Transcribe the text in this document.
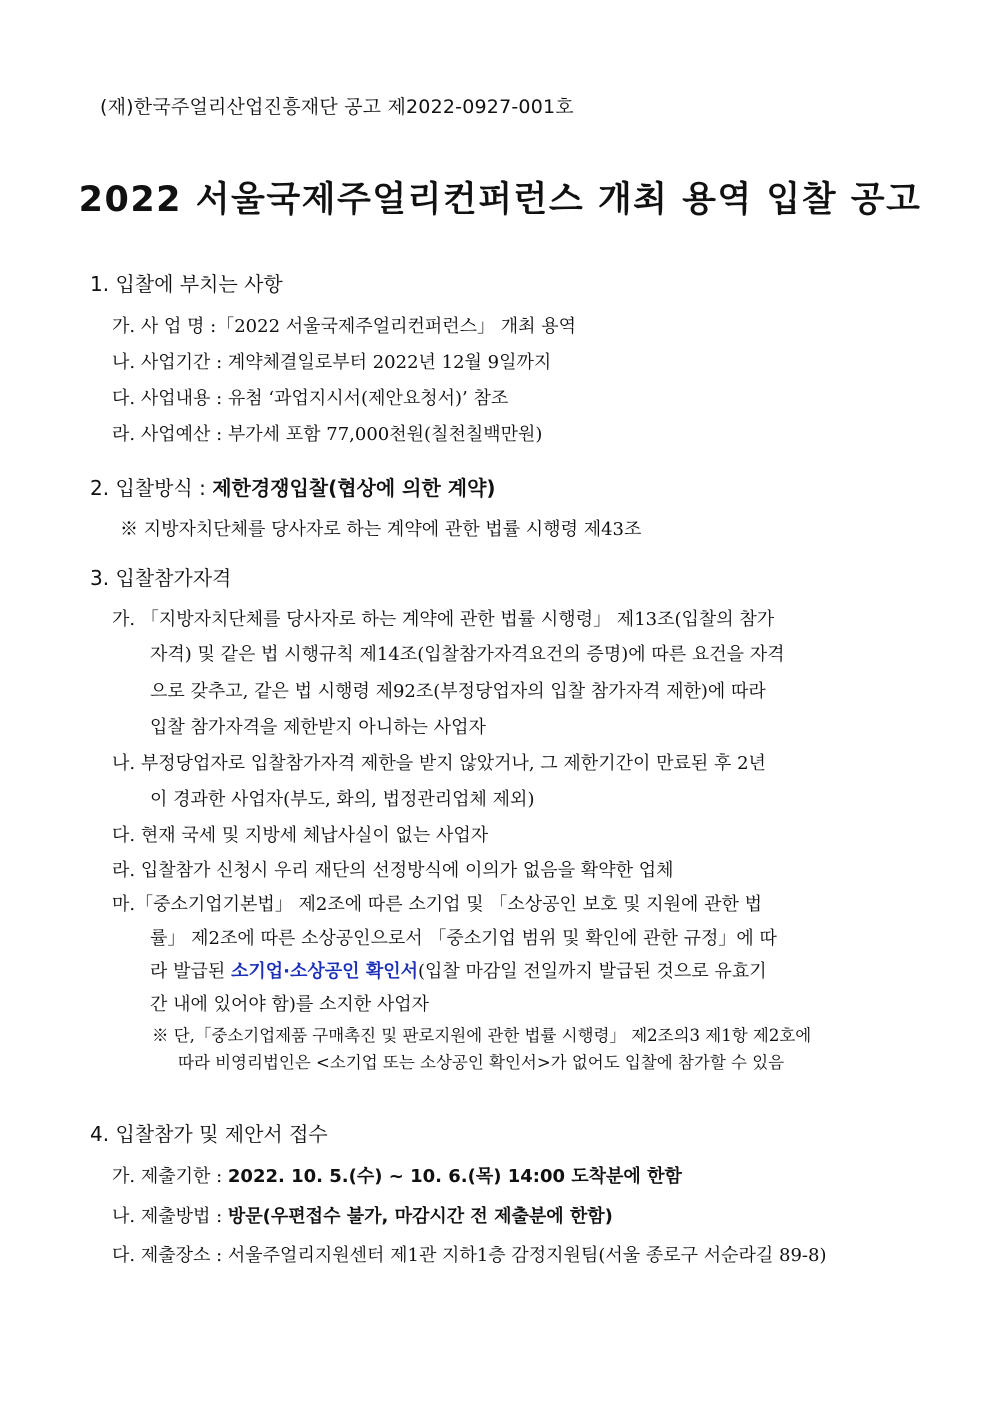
(재)한국주얼리산업진흥재단 공고 제2022-0927-001호
2022 서울국제주얼리컨퍼런스 개최 용역 입찰 공고
1. 입찰에 부치는 사항
가. 사 업 명 :「2022 서울국제주얼리컨퍼런스」 개최 용역
나. 사업기간 : 계약체결일로부터 2022년 12월 9일까지
다. 사업내용 : 유첨 ‘과업지시서(제안요청서)’ 참조
라. 사업예산 : 부가세 포함 77,000천원(칠천칠백만원)
2. 입찰방식 : 제한경쟁입찰(협상에 의한 계약)
※ 지방자치단체를 당사자로 하는 계약에 관한 법률 시행령 제43조
3. 입찰참가자격
가. 「지방자치단체를 당사자로 하는 계약에 관한 법률 시행령」 제13조(입찰의 참가
자격) 및 같은 법 시행규칙 제14조(입찰참가자격요건의 증명)에 따른 요건을 자격
으로 갖추고, 같은 법 시행령 제92조(부정당업자의 입찰 참가자격 제한)에 따라
입찰 참가자격을 제한받지 아니하는 사업자
나. 부정당업자로 입찰참가자격 제한을 받지 않았거나, 그 제한기간이 만료된 후 2년
이 경과한 사업자(부도, 화의, 법정관리업체 제외)
다. 현재 국세 및 지방세 체납사실이 없는 사업자
라. 입찰참가 신청시 우리 재단의 선정방식에 이의가 없음을 확약한 업체
마.「중소기업기본법」 제2조에 따른 소기업 및 「소상공인 보호 및 지원에 관한 법
률」 제2조에 따른 소상공인으로서 「중소기업 범위 및 확인에 관한 규정」에 따
라 발급된 소기업·소상공인 확인서(입찰 마감일 전일까지 발급된 것으로 유효기
간 내에 있어야 함)를 소지한 사업자
※ 단,「중소기업제품 구매촉진 및 판로지원에 관한 법률 시행령」 제2조의3 제1항 제2호에
따라 비영리법인은 <소기업 또는 소상공인 확인서>가 없어도 입찰에 참가할 수 있음
4. 입찰참가 및 제안서 접수
가. 제출기한 : 2022. 10. 5.(수) ~ 10. 6.(목) 14:00 도착분에 한함
나. 제출방법 : 방문(우편접수 불가, 마감시간 전 제출분에 한함)
다. 제출장소 : 서울주얼리지원센터 제1관 지하1층 감정지원팀(서울 종로구 서순라길 89-8)
